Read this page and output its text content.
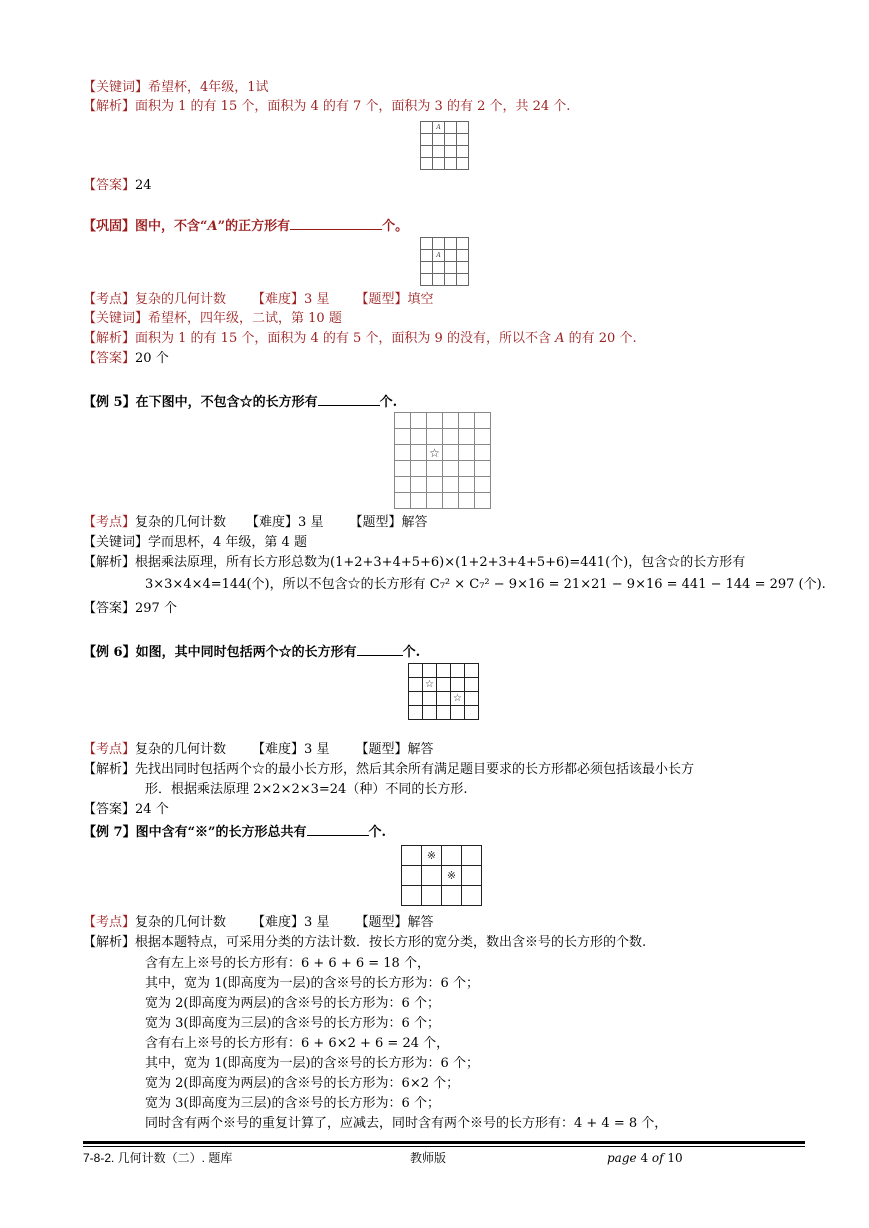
【关键词】希望杯，4年级，1试
【解析】面积为 1 的有 15 个，面积为 4 的有 7 个，面积为 3 的有 2 个，共 24 个.
	A		

【答案】24
【巩固】图中，不含“A”的正方形有	个。

	A		

【考点】复杂的几何计数 【难度】3 星 【题型】填空
【关键词】希望杯，四年级，二试，第 10 题
【解析】面积为 1 的有 15 个，面积为 4 的有 5 个，面积为 9 的没有，所以不含 A 的有 20 个.
【答案】20 个
【例 5】在下图中，不包含☆的长方形有	个.

		☆			

【考点】复杂的几何计数 【难度】3 星 【题型】解答
【关键词】学而思杯，4 年级，第 4 题
【解析】根据乘法原理，所有长方形总数为(1+2+3+4+5+6)×(1+2+3+4+5+6)=441(个)，包含☆的长方形有
3×3×4×4=144(个)，所以不包含☆的长方形有 C₇² × C₇² − 9×16 = 21×21 − 9×16 = 441 − 144 = 297 (个).
【答案】297 个
【例 6】如图，其中同时包括两个☆的长方形有	个.

	☆			
			☆	

【考点】复杂的几何计数 【难度】3 星 【题型】解答
【解析】先找出同时包括两个☆的最小长方形，然后其余所有满足题目要求的长方形都必须包括该最小长方
形．根据乘法原理 2×2×2×3=24（种）不同的长方形.
【答案】24 个
【例 7】图中含有“※”的长方形总共有	个.
	※		
		※	

【考点】复杂的几何计数 【难度】3 星 【题型】解答
【解析】根据本题特点，可采用分类的方法计数．按长方形的宽分类，数出含※号的长方形的个数.
含有左上※号的长方形有：6 + 6 + 6 = 18 个，
其中，宽为 1(即高度为一层)的含※号的长方形为：6 个；
宽为 2(即高度为两层)的含※号的长方形为：6 个；
宽为 3(即高度为三层)的含※号的长方形为：6 个；
含有右上※号的长方形有：6 + 6×2 + 6 = 24 个，
其中，宽为 1(即高度为一层)的含※号的长方形为：6 个；
宽为 2(即高度为两层)的含※号的长方形为：6×2 个；
宽为 3(即高度为三层)的含※号的长方形为：6 个；
同时含有两个※号的重复计算了，应减去，同时含有两个※号的长方形有：4 + 4 = 8 个，
7-8-2. 几何计数（二）. 题库	教师版	page 4 of 10
